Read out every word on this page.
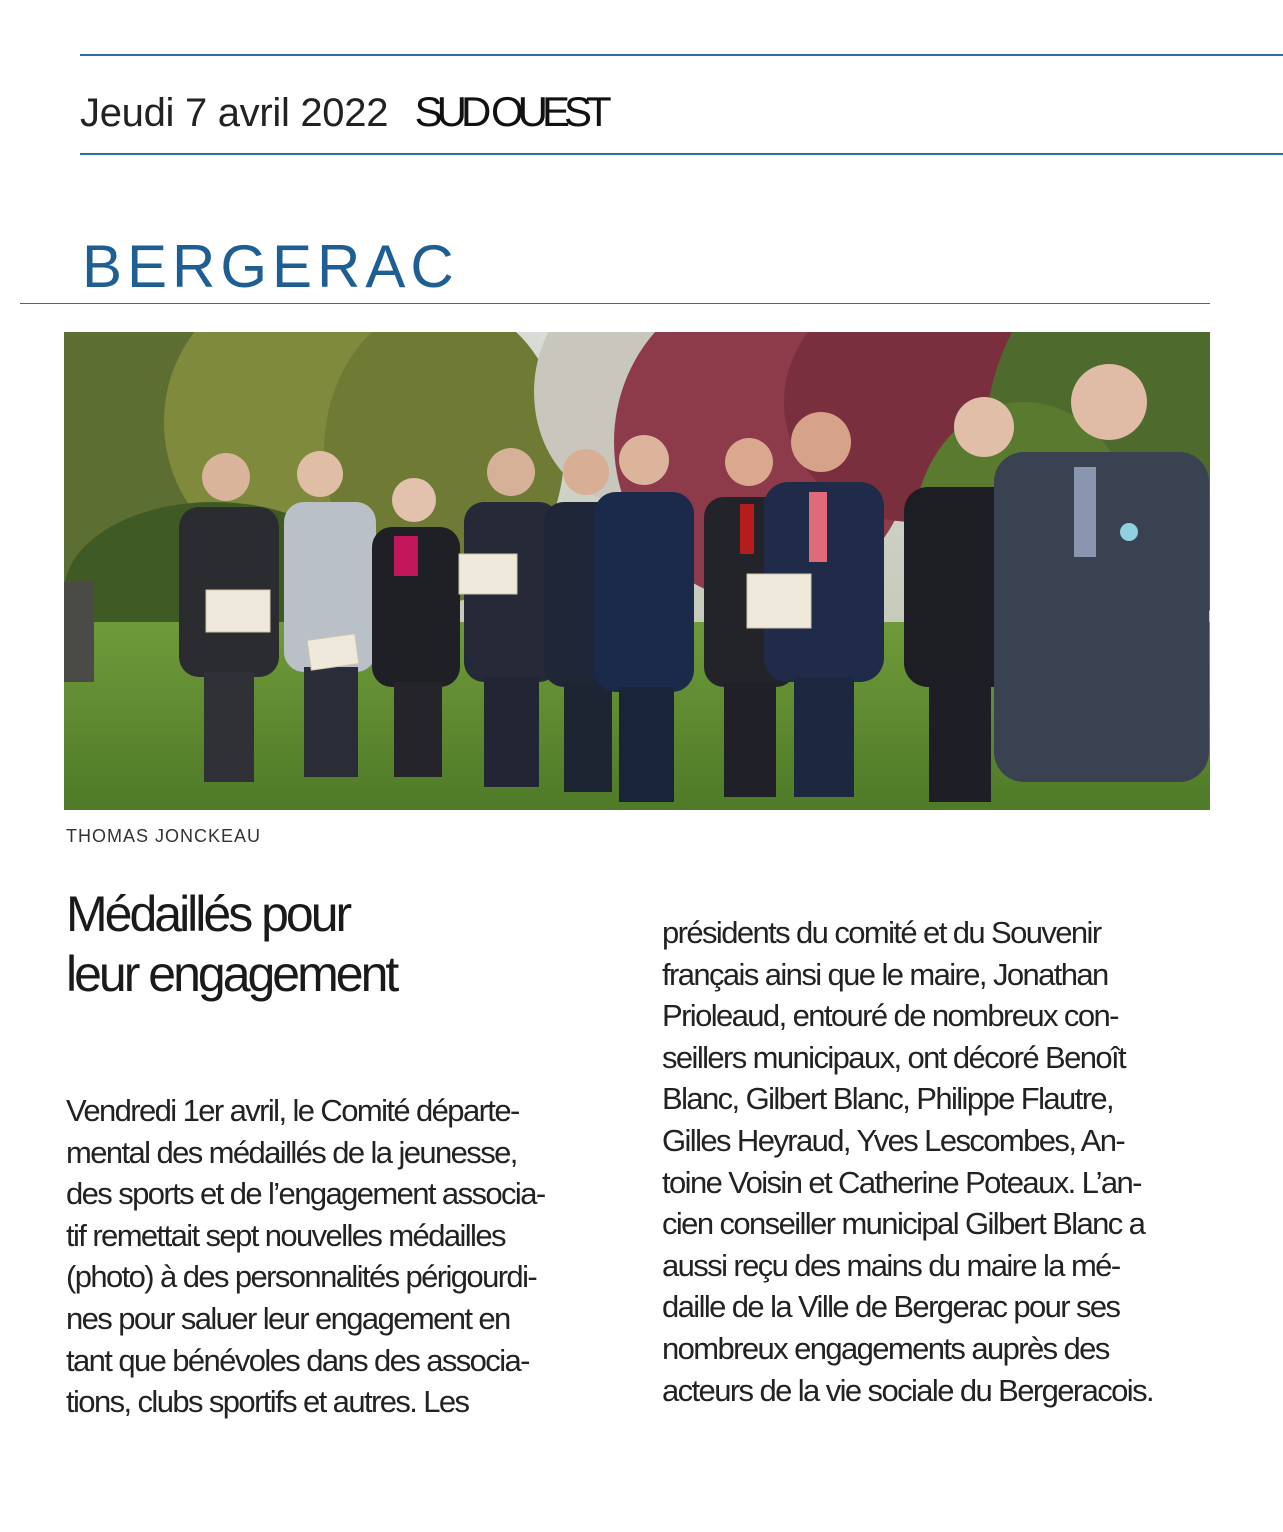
Jeudi 7 avril 2022 SUD OUEST
BERGERAC
THOMAS JONCKEAU
Médaillés pour
leur engagement
Vendredi 1er avril, le Comité départe-
mental des médaillés de la jeunesse,
des sports et de l’engagement associa-
tif remettait sept nouvelles médailles
(photo) à des personnalités périgourdi-
nes pour saluer leur engagement en
tant que bénévoles dans des associa-
tions, clubs sportifs et autres. Les
présidents du comité et du Souvenir
français ainsi que le maire, Jonathan
Prioleaud, entouré de nombreux con-
seillers municipaux, ont décoré Benoît
Blanc, Gilbert Blanc, Philippe Flautre,
Gilles Heyraud, Yves Lescombes, An-
toine Voisin et Catherine Poteaux. L’an-
cien conseiller municipal Gilbert Blanc a
aussi reçu des mains du maire la mé-
daille de la Ville de Bergerac pour ses
nombreux engagements auprès des
acteurs de la vie sociale du Bergeracois.
